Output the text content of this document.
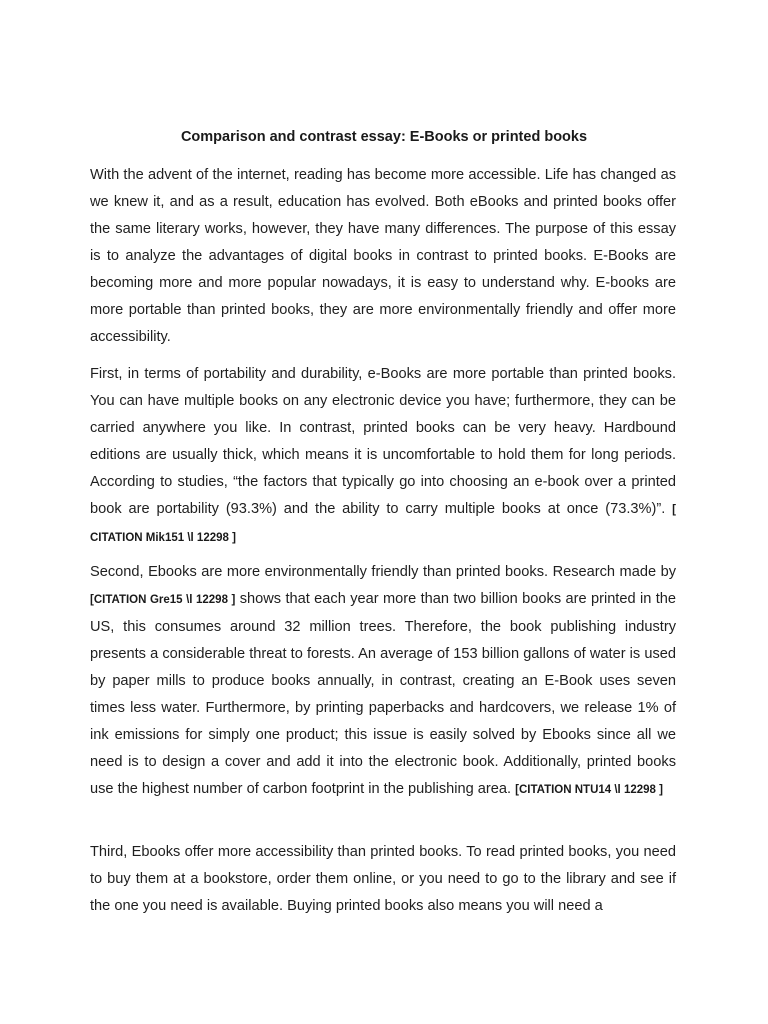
Comparison and contrast essay: E-Books or printed books

With the advent of the internet, reading has become more accessible. Life has changed as we knew it, and as a result, education has evolved. Both eBooks and printed books offer the same literary works, however, they have many differences. The purpose of this essay is to analyze the advantages of digital books in contrast to printed books. E-Books are becoming more and more popular nowadays, it is easy to understand why. E-books are more portable than printed books, they are more environmentally friendly and offer more accessibility.

First, in terms of portability and durability, e-Books are more portable than printed books. You can have multiple books on any electronic device you have; furthermore, they can be carried anywhere you like. In contrast, printed books can be very heavy. Hardbound editions are usually thick, which means it is uncomfortable to hold them for long periods. According to studies, “the factors that typically go into choosing an e-book over a printed book are portability (93.3%) and the ability to carry multiple books at once (73.3%)”. [ CITATION Mik151 \l 12298 ]

Second, Ebooks are more environmentally friendly than printed books. Research made by [CITATION Gre15 \l 12298 ] shows that each year more than two billion books are printed in the US, this consumes around 32 million trees. Therefore, the book publishing industry presents a considerable threat to forests. An average of 153 billion gallons of water is used by paper mills to produce books annually, in contrast, creating an E-Book uses seven times less water. Furthermore, by printing paperbacks and hardcovers, we release 1% of ink emissions for simply one product; this issue is easily solved by Ebooks since all we need is to design a cover and add it into the electronic book. Additionally, printed books use the highest number of carbon footprint in the publishing area. [CITATION NTU14 \l 12298 ]

Third, Ebooks offer more accessibility than printed books. To read printed books, you need to buy them at a bookstore, order them online, or you need to go to the library and see if the one you need is available. Buying printed books also means you will need a
